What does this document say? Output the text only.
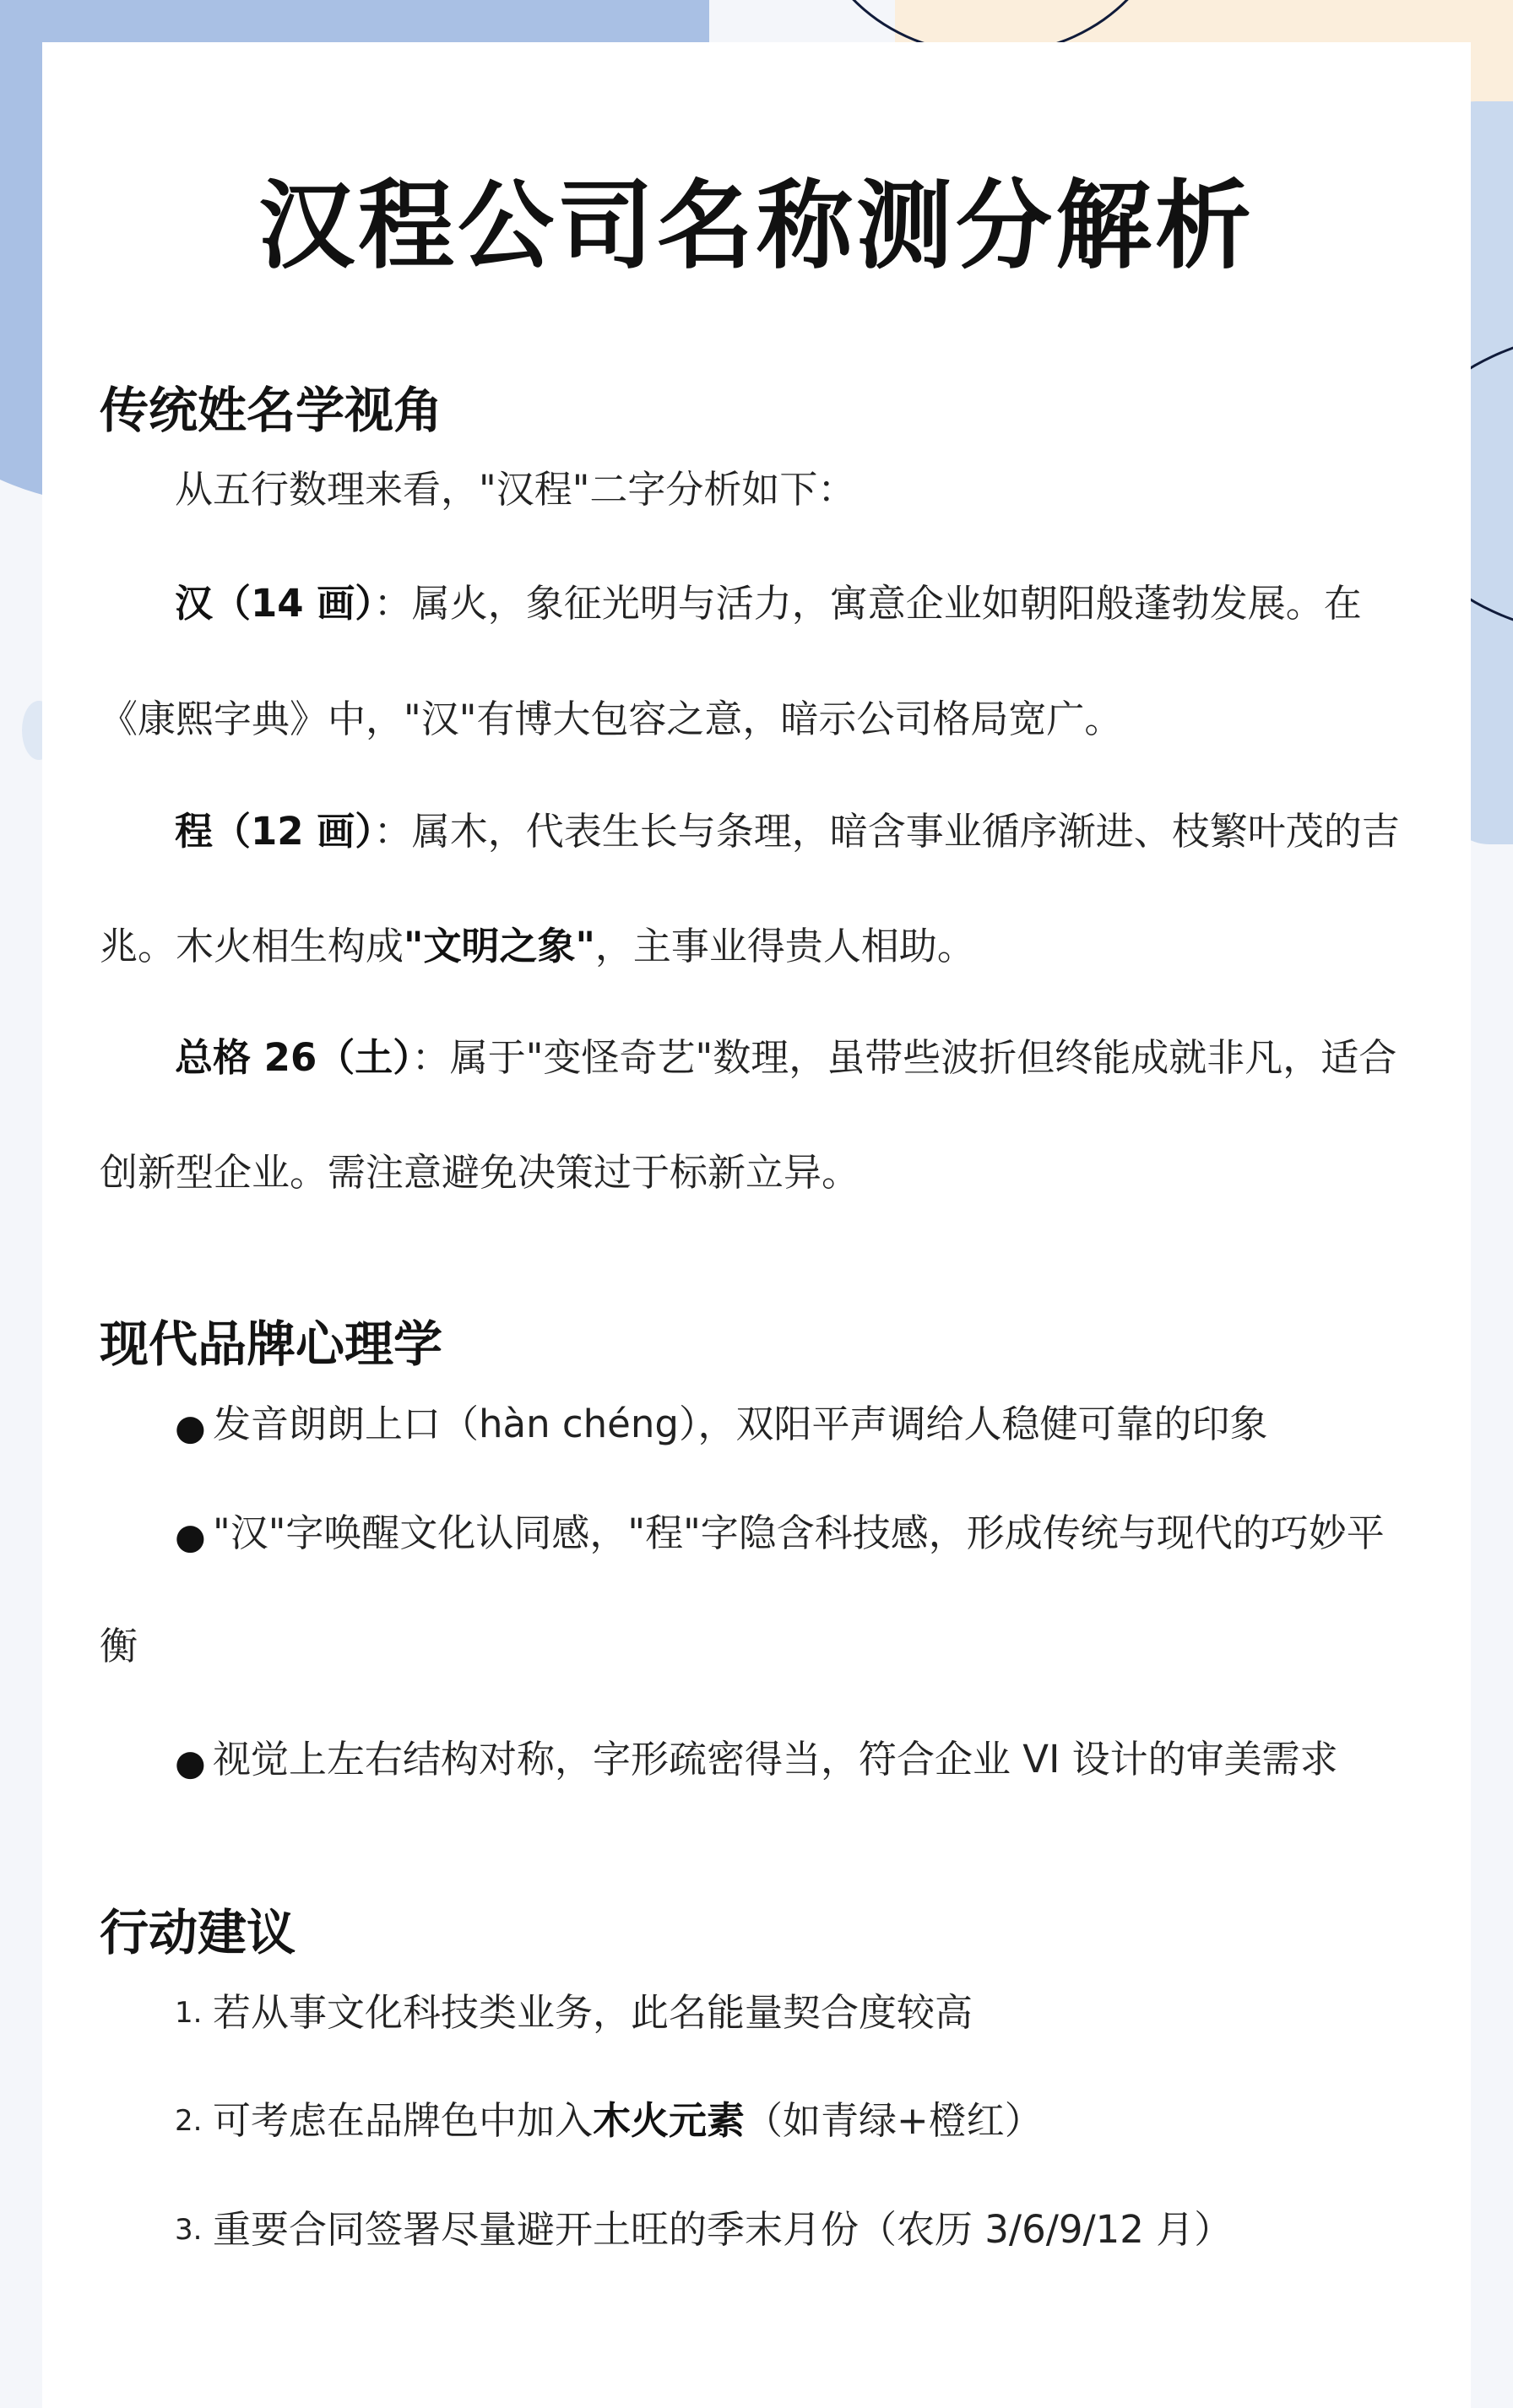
汉程公司名称测分解析
传统姓名学视角

从五行数理来看，"汉程"二字分析如下：

汉（14 画）：属火，象征光明与活力，寓意企业如朝阳般蓬勃发展。在

《康熙字典》中，"汉"有博大包容之意，暗示公司格局宽广。

程（12 画）：属木，代表生长与条理，暗含事业循序渐进、枝繁叶茂的吉

兆。木火相生构成"文明之象"，主事业得贵人相助。

总格 26（土）：属于"变怪奇艺"数理，虽带些波折但终能成就非凡，适合

创新型企业。需注意避免决策过于标新立异。

现代品牌心理学
● 发音朗朗上口（hàn chéng），双阳平声调给人稳健可靠的印象

● "汉"字唤醒文化认同感，"程"字隐含科技感，形成传统与现代的巧妙平

衡

● 视觉上左右结构对称，字形疏密得当，符合企业 VI 设计的审美需求

行动建议
1. 若从事文化科技类业务，此名能量契合度较高

2. 可考虑在品牌色中加入木火元素（如青绿+橙红）

3. 重要合同签署尽量避开土旺的季末月份（农历 3/6/9/12 月）
